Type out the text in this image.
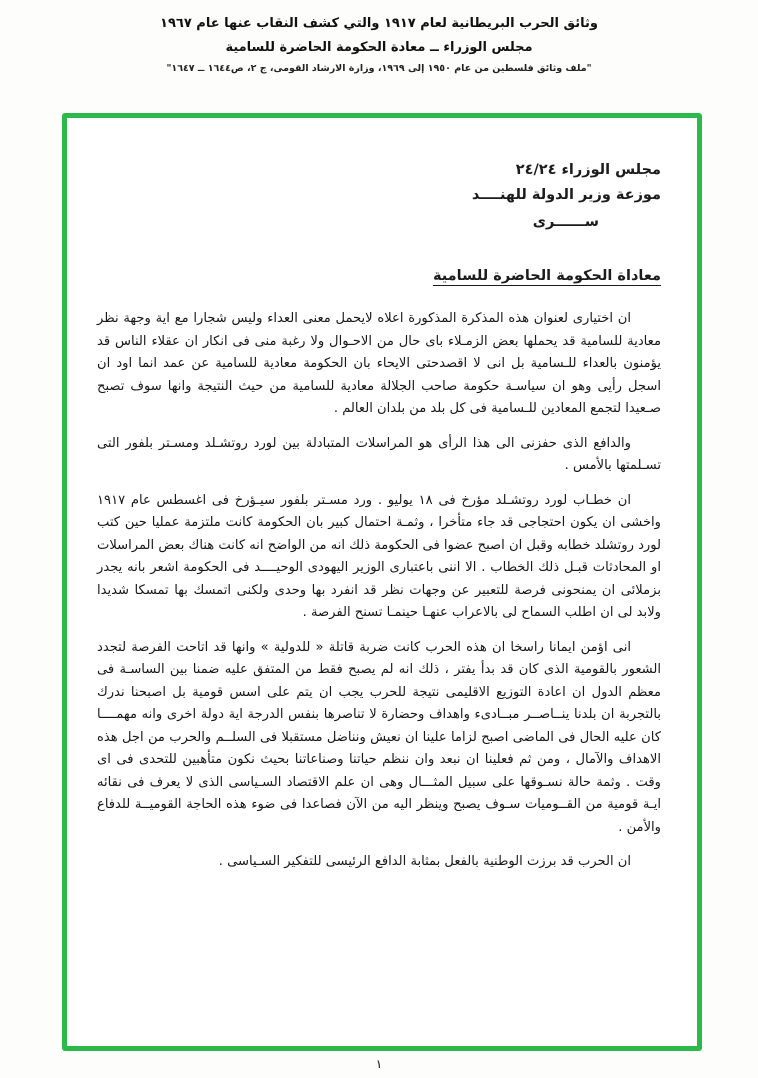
وثائق الحرب البريطانية لعام ١٩١٧ والتي كشف النقاب عنها عام ١٩٦٧
مجلس الوزراء ــ معادة الحكومة الحاضرة للسامية
"ملف وثائق فلسطين من عام ١٩٥٠ إلى ١٩٦٩، وزارة الارشاد القومى، ج ٢، ص١٦٤٤ ــ ١٦٤٧"
مجلس الوزراء ٢٤/٢٤
موزعة وزير الدولة للهنــــد
ســــــرى
معاداة الحكومة الحاضرة للسامية

ان اختيارى لعنوان هذه المذكرة المذكورة اعلاه لايحمل معنى العداء وليس شجارا مع اية وجهة نظر معادية للسامية قد يحملها بعض الزمـلاء باى حال من الاحـوال ولا رغبة منى فى انكار ان عقلاء الناس قد يؤمنون بالعداء للـسامية بل انى لا اقصدحتى الايحاء بان الحكومة معادية للسامية عن عمد انما اود ان اسجل رأيى وهو ان سياسـة حكومة صاحب الجلالة معادية للسامية من حيث النتيجة وانها سوف تصبح صـعيدا لتجمع المعادين للـسامية فى كل بلد من بلدان العالم .

والدافع الذى حفزنى الى هذا الرأى هو المراسلات المتبادلة بين لورد روتشـلد ومسـتر بلفور التى تسـلمتها بالأمس .

ان خطـاب لورد روتشـلد مؤرخ فى ١٨ يوليو . ورد مسـتر بلفور سيـؤرخ فى اغسطس عام ١٩١٧ واخشى ان يكون احتجاجى قد جاء متأخرا ، وثمـة احتمال كبير بان الحكومة كانت ملتزمة عمليا حين كتب لورد روتشلد خطابه وقبل ان اصبح عضوا فى الحكومة ذلك انه من الواضح انه كانت هناك بعض المراسلات او المحادثات قبـل ذلك الخطاب . الا اننى باعتبارى الوزير اليهودى الوحيــــد فى الحكومة اشعر بانه يجدر بزملائى ان يمنحونى فرصة للتعبير عن وجهات نظر قد انفرد بها وحدى ولكنى اتمسك بها تمسكا شديدا ولابد لى ان اطلب السماح لى بالاعراب عنهـا حينمـا تسنح الفرصة .

انى اؤمن ايمانا راسخا ان هذه الحرب كانت ضربة قاتلة « للدولية » وانها قد اتاحت الفرصة لتجدد الشعور بالقومية الذى كان قد بدأ يفتر ، ذلك انه لم يصبح فقط من المتفق عليه ضمنا بين الساسـة فى معظم الدول ان اعادة التوزيع الاقليمى نتيجة للحرب يجب ان يتم على اسس قومية بل اصبحنا ندرك بالتجربة ان بلدنا ينــاصــر مبــادىء واهداف وحضارة لا تناصرها بنفس الدرجة اية دولة اخرى وانه مهمــــا كان عليه الحال فى الماضى اصبح لزاما علينا ان نعيش ونناضل مستقبلا فى السلــم والحرب من اجل هذه الاهداف والآمال ، ومن ثم فعلينا ان نبعد وان ننظم حياتنا وصناعاتنا بحيث نكون متأهبين للتحدى فى اى وقت . وثمة حالة نسـوقها على سبيل المثـــال وهى ان علم الاقتصاد السـياسى الذى لا يعرف فى نقائه ايـة قومية من القــوميات سـوف يصبح وينظر اليه من الآن فصاعدا فى ضوء هذه الحاجة القوميــة للدفاع والأمن .

ان الحرب قد برزت الوطنية بالفعل بمثابة الدافع الرئيسى للتفكير السـياسى .

١
